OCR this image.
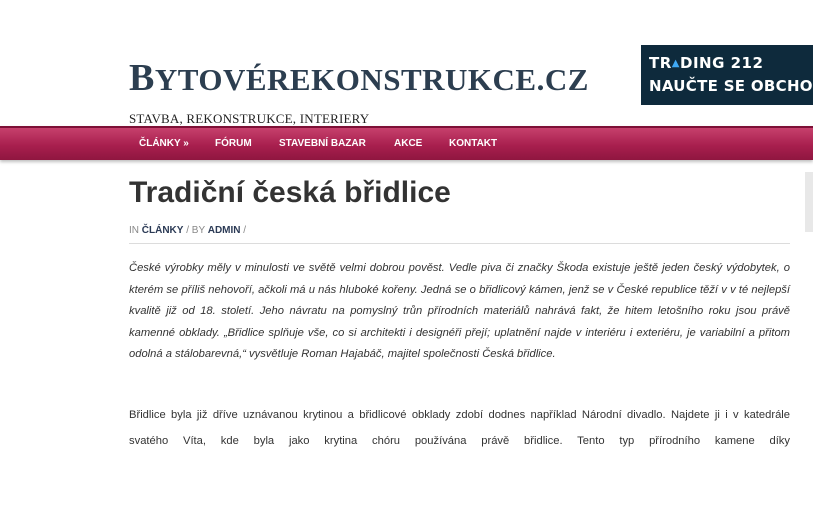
BYTOVÉREKONSTRUKCE.CZ
STAVBA, REKONSTRUKCE, INTERIERY
TR▲DING 212
NAUČTE SE OBCHO
ČLÁNKY »	FÓRUM	STAVEBNÍ BAZAR	AKCE	KONTAKT
Tradiční česká břidlice
IN ČLÁNKY / BY ADMIN /

České výrobky měly v minulosti ve světě velmi dobrou pověst. Vedle piva či značky Škoda existuje ještě jeden český výdobytek, o kterém se příliš nehovoří, ačkoli má u nás hluboké kořeny. Jedná se o břidlicový kámen, jenž se v České republice těží v v té nejlepší kvalitě již od 18. století. Jeho návratu na pomyslný trůn přírodních materiálů nahrává fakt, že hitem letošního roku jsou právě kamenné obklady. „Břidlice splňuje vše, co si architekti i designéři přejí; uplatnění najde v interiéru i exteriéru, je variabilní a přitom odolná a stálobarevná,“ vysvětluje Roman Hajabáč, majitel společnosti Česká břidlice.

Břidlice byla již dříve uznávanou krytinou a břidlicové obklady zdobí dodnes například Národní divadlo. Najdete ji i v katedrále svatého Víta, kde byla jako krytina chóru používána právě břidlice. Tento typ přírodního kamene díky
